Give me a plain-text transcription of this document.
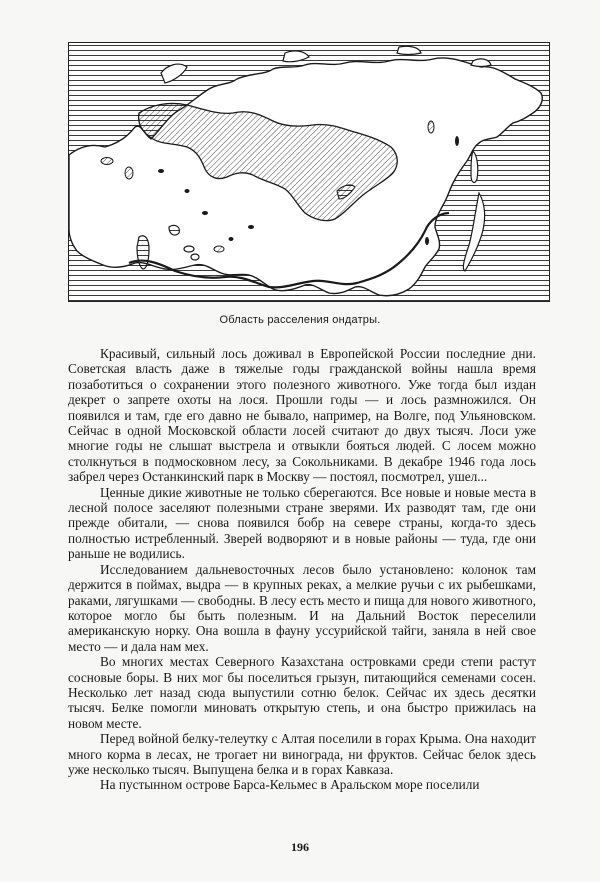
Область расселения ондатры.

Красивый, сильный лось доживал в Европейской России последние дни. Советская власть даже в тяжелые годы гражданской войны нашла время позаботиться о сохранении этого полезного животного. Уже тогда был издан декрет о запрете охоты на лося. Прошли годы — и лось размножился. Он появился и там, где его давно не бывало, например, на Волге, под Ульяновском. Сейчас в одной Московской области лосей считают до двух тысяч. Лоси уже многие годы не слышат выстрела и отвыкли бояться людей. С лосем можно столкнуться в подмосковном лесу, за Сокольниками. В декабре 1946 года лось забрел через Останкинский парк в Москву — постоял, посмотрел, ушел...

Ценные дикие животные не только сберегаются. Все новые и новые места в лесной полосе заселяют полезными стране зверями. Их разводят там, где они прежде обитали, — снова появился бобр на севере страны, когда-то здесь полностью истребленный. Зверей водворяют и в новые районы — туда, где они раньше не водились.

Исследованием дальневосточных лесов было установлено: колонок там держится в поймах, выдра — в крупных реках, а мелкие ручьи с их рыбешками, раками, лягушками — свободны. В лесу есть место и пища для нового животного, которое могло бы быть полезным. И на Дальний Восток переселили американскую норку. Она вошла в фауну уссурийской тайги, заняла в ней свое место — и дала нам мех.

Во многих местах Северного Казахстана островками среди степи растут сосновые боры. В них мог бы поселиться грызун, питающийся семенами сосен. Несколько лет назад сюда выпустили сотню белок. Сейчас их здесь десятки тысяч. Белке помогли миновать открытую степь, и она быстро прижилась на новом месте.

Перед войной белку-телеутку с Алтая поселили в горах Крыма. Она находит много корма в лесах, не трогает ни винограда, ни фруктов. Сейчас белок здесь уже несколько тысяч. Выпущена белка и в горах Кавказа.

На пустынном острове Барса-Кельмес в Аральском море поселили

196
